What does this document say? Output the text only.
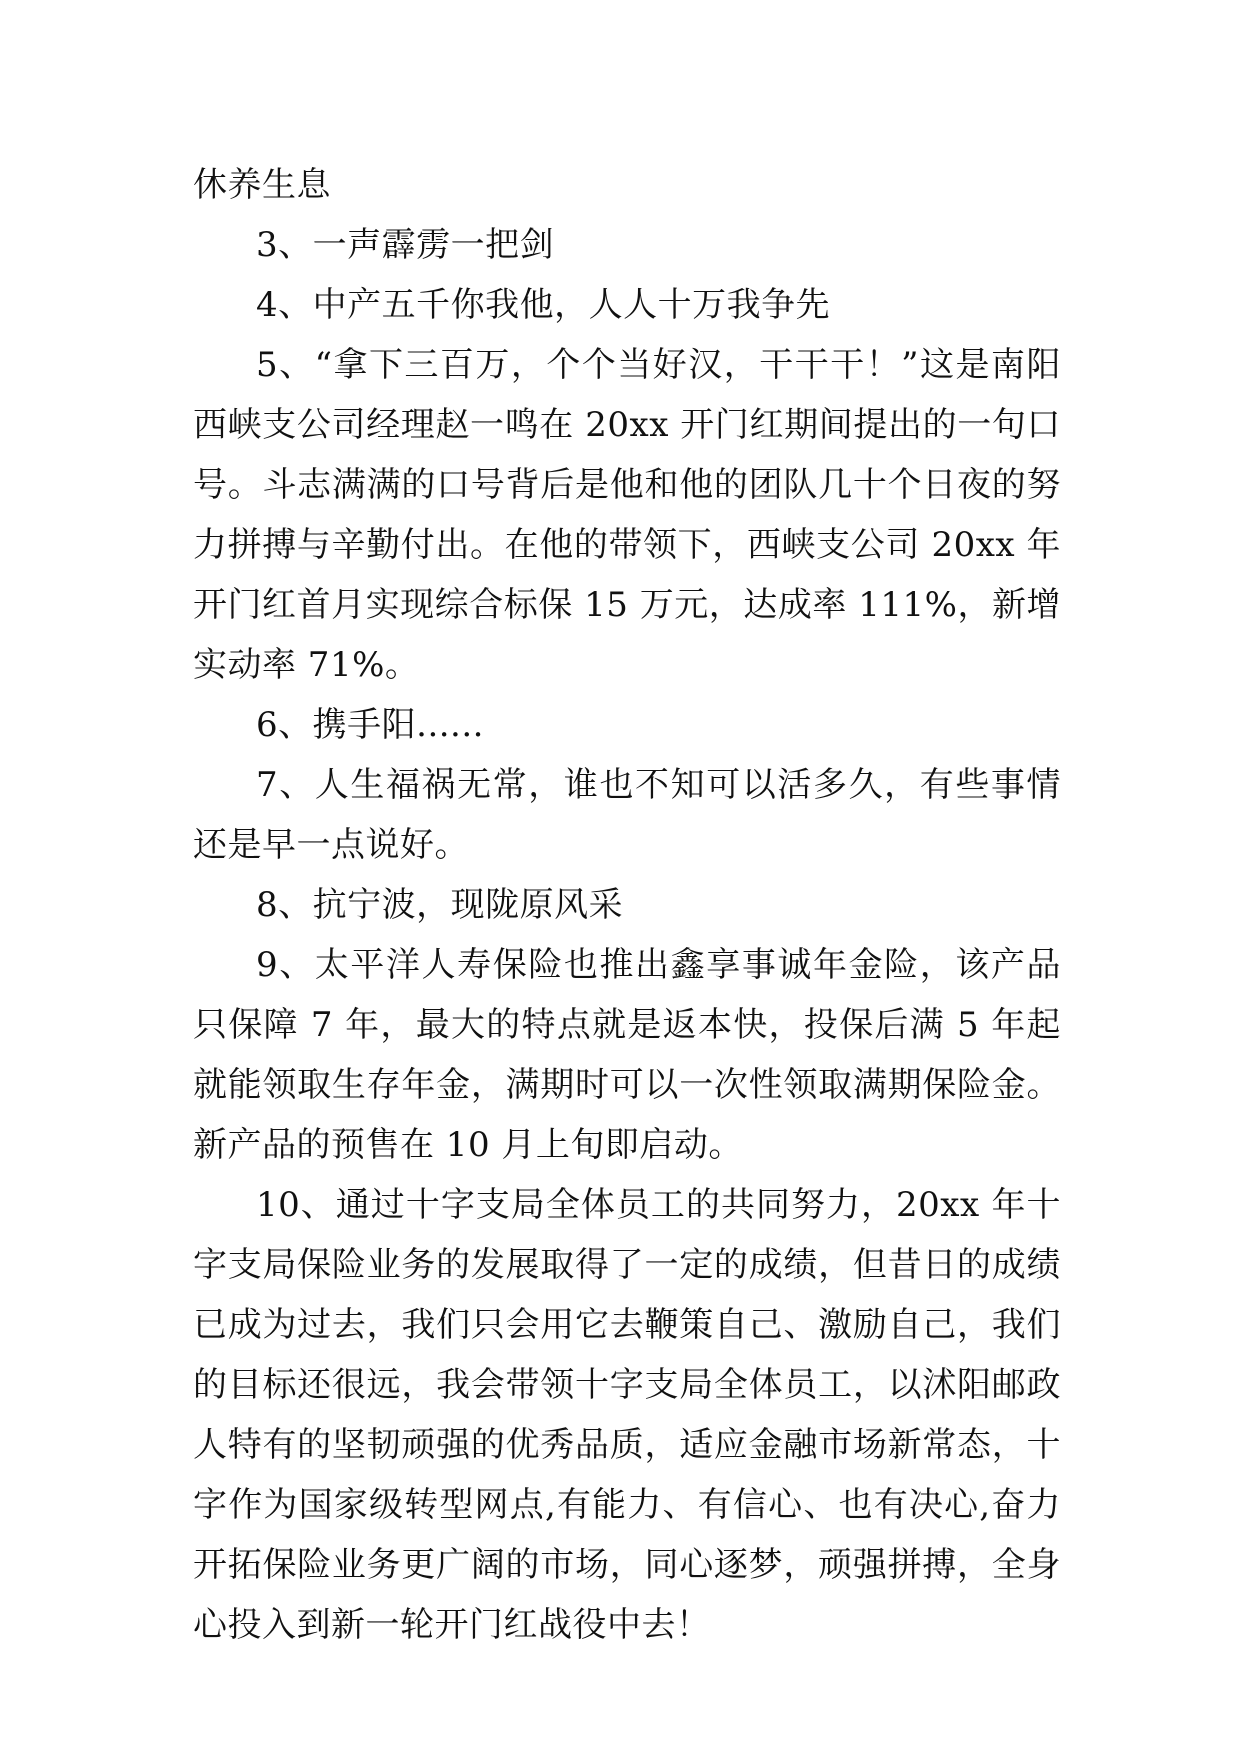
休养生息

3、一声霹雳一把剑

4、中产五千你我他，人人十万我争先

5、“拿下三百万，个个当好汉，干干干！”这是南阳西峡支公司经理赵一鸣在 20xx 开门红期间提出的一句口号。斗志满满的口号背后是他和他的团队几十个日夜的努力拼搏与辛勤付出。在他的带领下，西峡支公司 20xx 年开门红首月实现综合标保 15 万元，达成率 111%，新增实动率 71%。

6、携手阳......

7、人生福祸无常，谁也不知可以活多久，有些事情还是早一点说好。

8、抗宁波，现陇原风采

9、太平洋人寿保险也推出鑫享事诚年金险，该产品只保障 7 年，最大的特点就是返本快，投保后满 5 年起就能领取生存年金，满期时可以一次性领取满期保险金。新产品的预售在 10 月上旬即启动。

10、通过十字支局全体员工的共同努力，20xx 年十字支局保险业务的发展取得了一定的成绩，但昔日的成绩已成为过去，我们只会用它去鞭策自己、激励自己，我们的目标还很远，我会带领十字支局全体员工，以沭阳邮政人特有的坚韧顽强的优秀品质，适应金融市场新常态，十字作为国家级转型网点,有能力、有信心、也有决心,奋力开拓保险业务更广阔的市场，同心逐梦，顽强拼搏，全身心投入到新一轮开门红战役中去！
